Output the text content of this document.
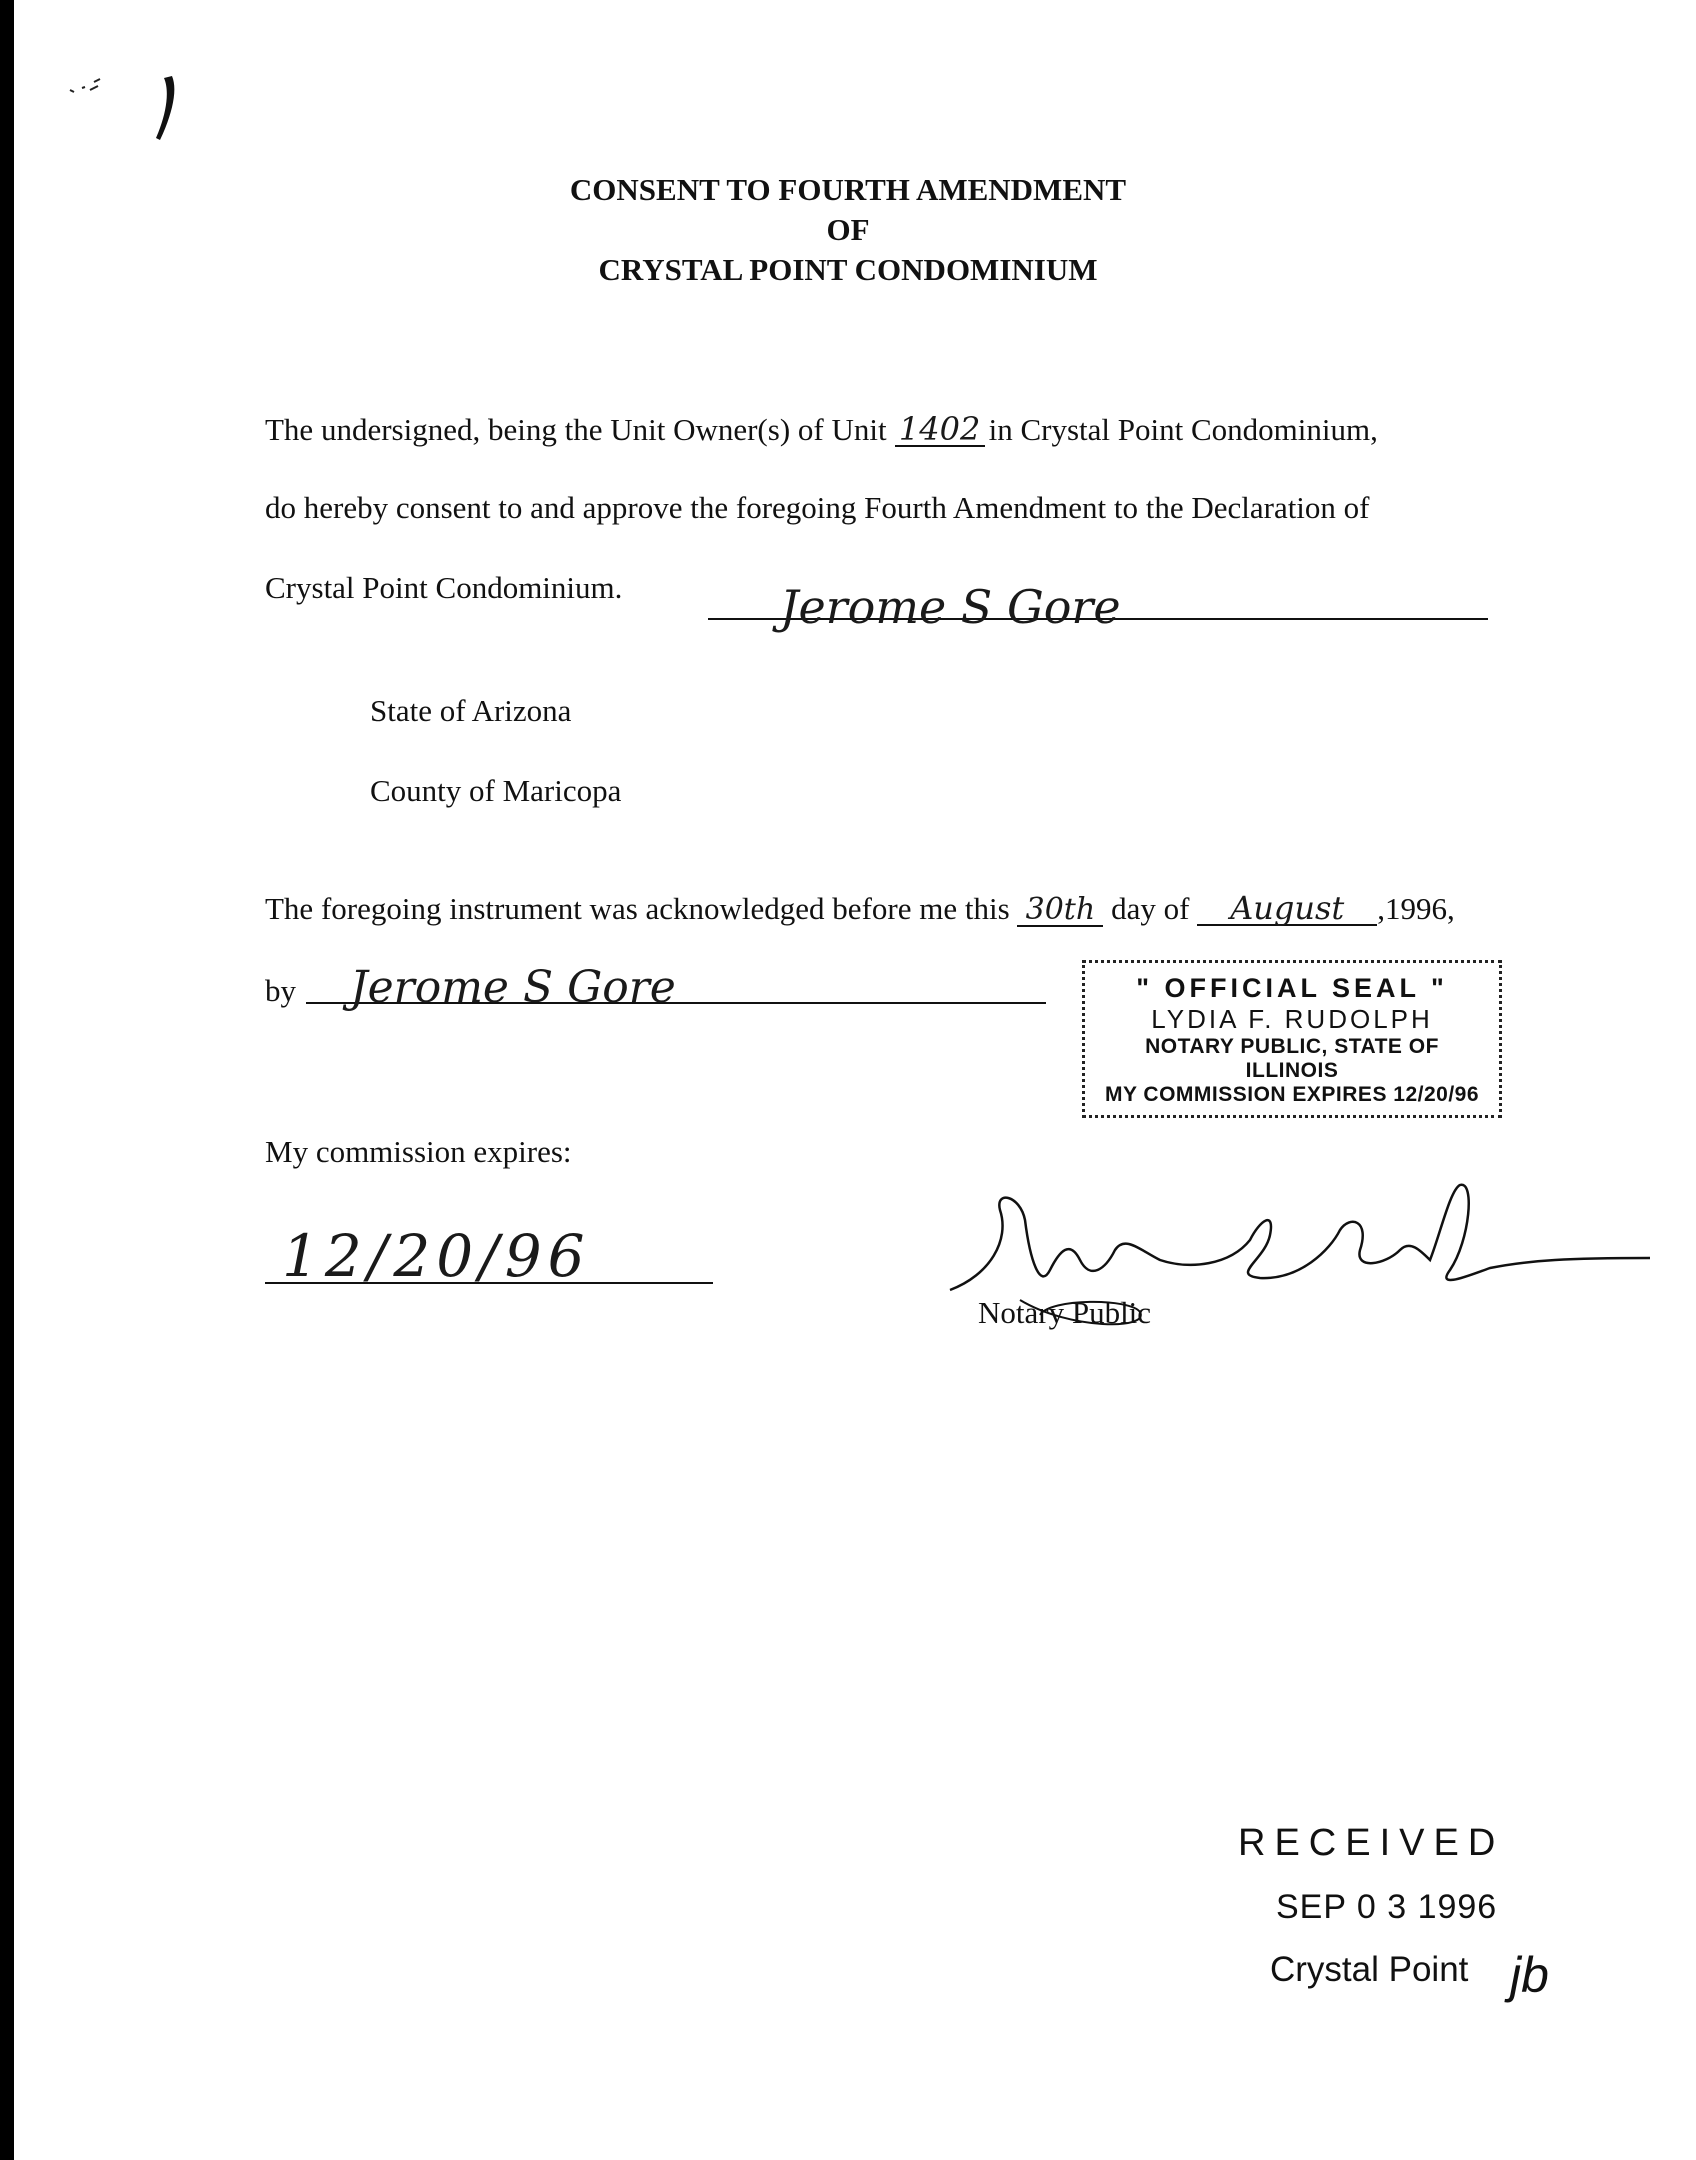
CONSENT TO FOURTH AMENDMENT
OF
CRYSTAL POINT CONDOMINIUM
The undersigned, being the Unit Owner(s) of Unit 1402 in Crystal Point Condominium,
do hereby consent to and approve the foregoing Fourth Amendment to the Declaration of
Crystal Point Condominium.	Jerome S Gore
State of Arizona
County of Maricopa
The foregoing instrument was acknowledged before me this 30th day of August ,1996,
by Jerome S Gore	" OFFICIAL SEAL "
LYDIA F. RUDOLPH
NOTARY PUBLIC, STATE OF ILLINOIS
MY COMMISSION EXPIRES 12/20/96
My commission expires:
12/20/96
Notary Public
RECEIVED
SEP 0 3 1996
Crystal Point jb
